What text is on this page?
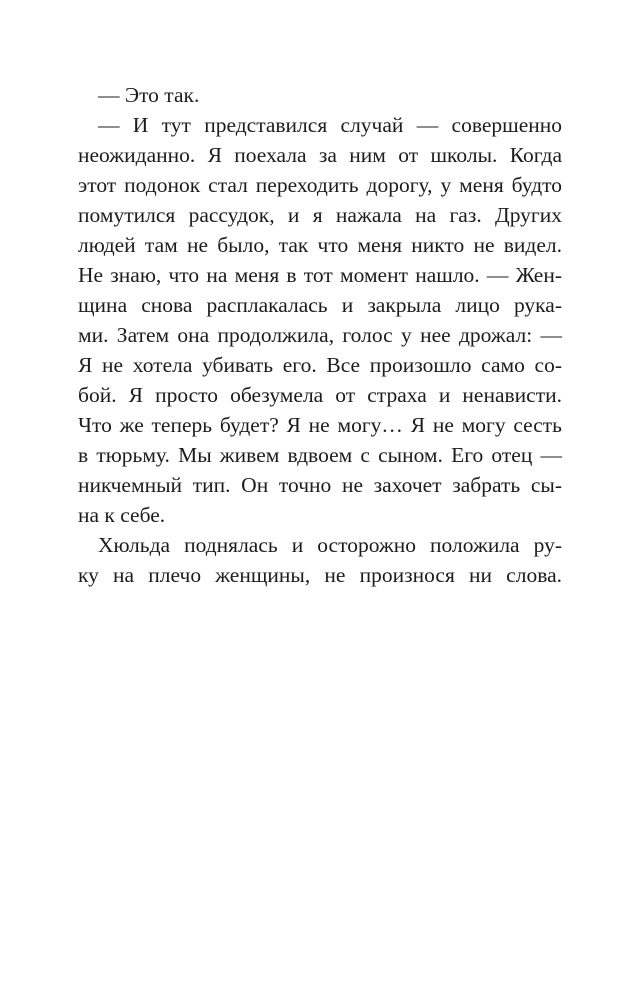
— Это так.
— И тут представился случай — совершенно
неожиданно. Я поехала за ним от школы. Когда
этот подонок стал переходить дорогу, у меня будто
помутился рассудок, и я нажала на газ. Других
людей там не было, так что меня никто не видел.
Не знаю, что на меня в тот момент нашло. — Жен-
щина снова расплакалась и закрыла лицо рука-
ми. Затем она продолжила, голос у нее дрожал: —
Я не хотела убивать его. Все произошло само со-
бой. Я просто обезумела от страха и ненависти.
Что же теперь будет? Я не могу… Я не могу сесть
в тюрьму. Мы живем вдвоем с сыном. Его отец —
никчемный тип. Он точно не захочет забрать сы-
на к себе.
Хюльда поднялась и осторожно положила ру-
ку на плечо женщины, не произнося ни слова.
